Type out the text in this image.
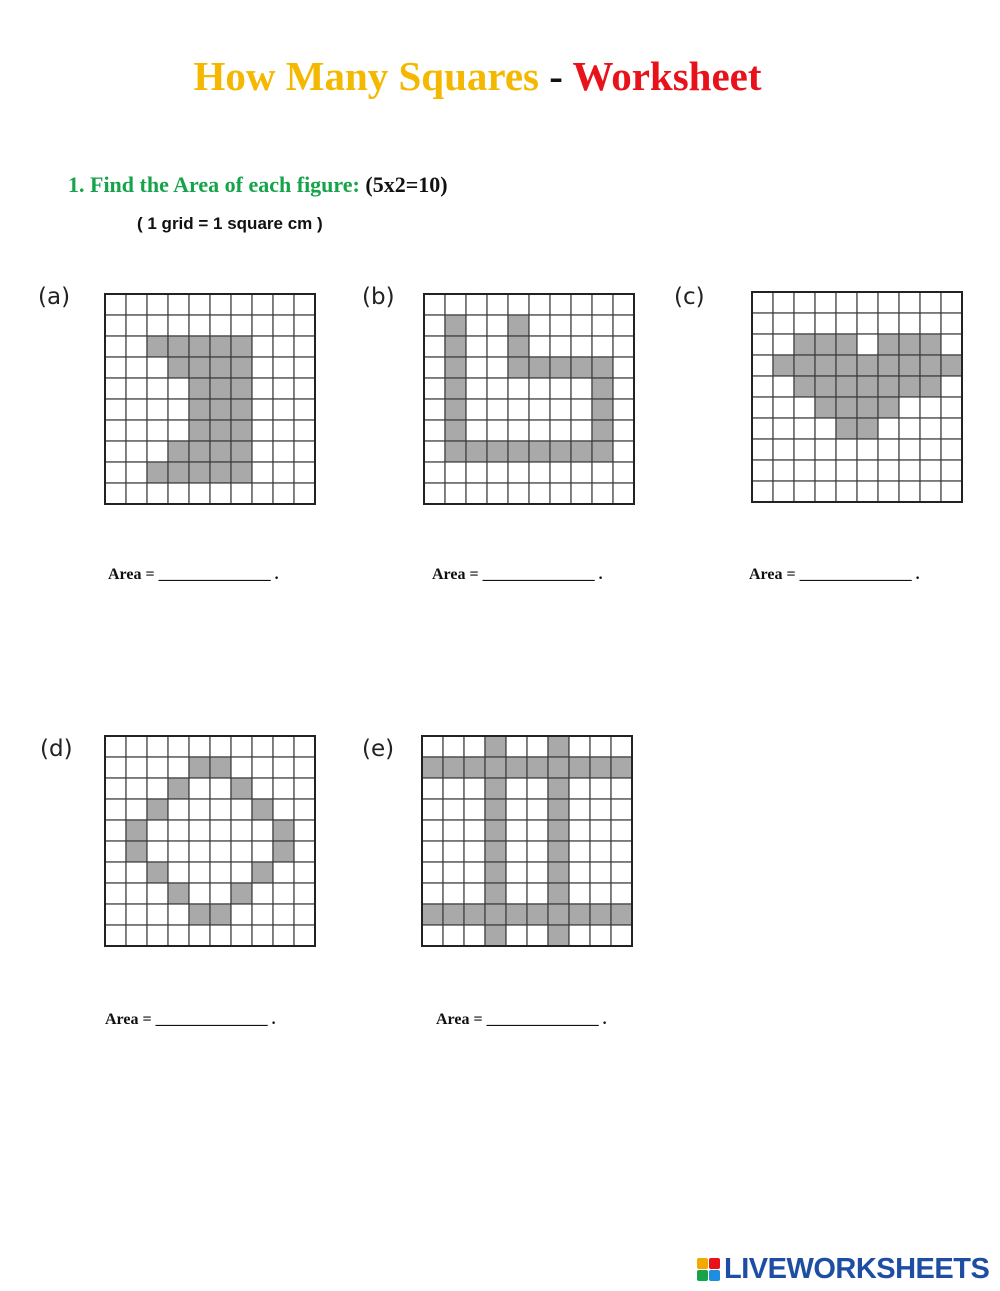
How Many Squares - Worksheet
1. Find the Area of each figure: (5x2=10)
( 1 grid = 1 square cm )
(a)
Area = ______________ .
(b)
Area = ______________ .
(c)
Area = ______________ .
(d)
Area = ______________ .
(e)
Area = ______________ .
LIVEWORKSHEETS
